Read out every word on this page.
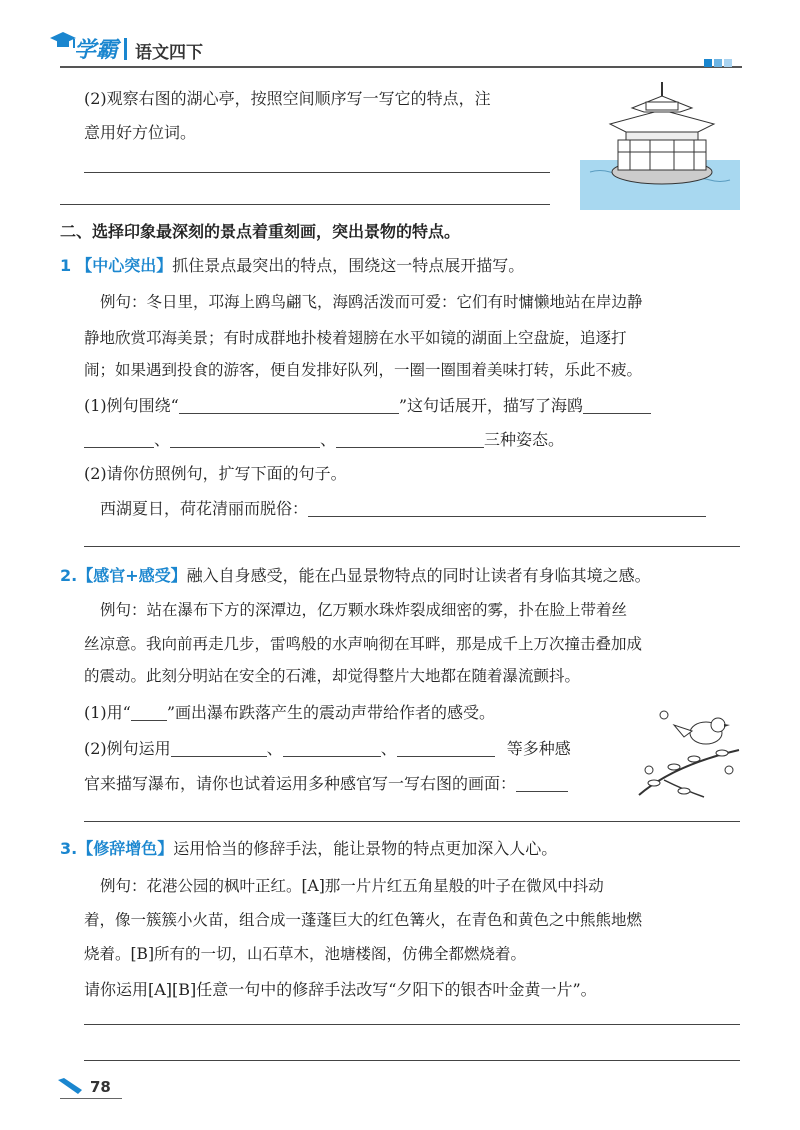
学霸 语文四下
(2)观察右图的湖心亭，按照空间顺序写一写它的特点，注
意用好方位词。
二、选择印象最深刻的景点着重刻画，突出景物的特点。
1 【中心突出】抓住景点最突出的特点，围绕这一特点展开描写。
例句：冬日里，邛海上鸥鸟翩飞，海鸥活泼而可爱：它们有时慵懒地站在岸边静
静地欣赏邛海美景；有时成群地扑棱着翅膀在水平如镜的湖面上空盘旋，追逐打
闹；如果遇到投食的游客，便自发排好队列，一圈一圈围着美味打转，乐此不疲。
(1)例句围绕“	”这句话展开，描写了海鸥
、	、	三种姿态。
(2)请你仿照例句，扩写下面的句子。
西湖夏日，荷花清丽而脱俗：
2.【感官+感受】融入自身感受，能在凸显景物特点的同时让读者有身临其境之感。
例句：站在瀑布下方的深潭边，亿万颗水珠炸裂成细密的雾，扑在脸上带着丝
丝凉意。我向前再走几步，雷鸣般的水声响彻在耳畔，那是成千上万次撞击叠加成
的震动。此刻分明站在安全的石滩，却觉得整片大地都在随着瀑流颤抖。
(1)用“ ”画出瀑布跌落产生的震动声带给作者的感受。
(2)例句运用	、	、	等多种感
官来描写瀑布，请你也试着运用多种感官写一写右图的画面：
3.【修辞增色】运用恰当的修辞手法，能让景物的特点更加深入人心。
例句：花港公园的枫叶正红。[A]那一片片红五角星般的叶子在微风中抖动
着，像一簇簇小火苗，组合成一蓬蓬巨大的红色篝火，在青色和黄色之中熊熊地燃
烧着。[B]所有的一切，山石草木，池塘楼阁，仿佛全都燃烧着。
请你运用[A][B]任意一句中的修辞手法改写“夕阳下的银杏叶金黄一片”。
78
